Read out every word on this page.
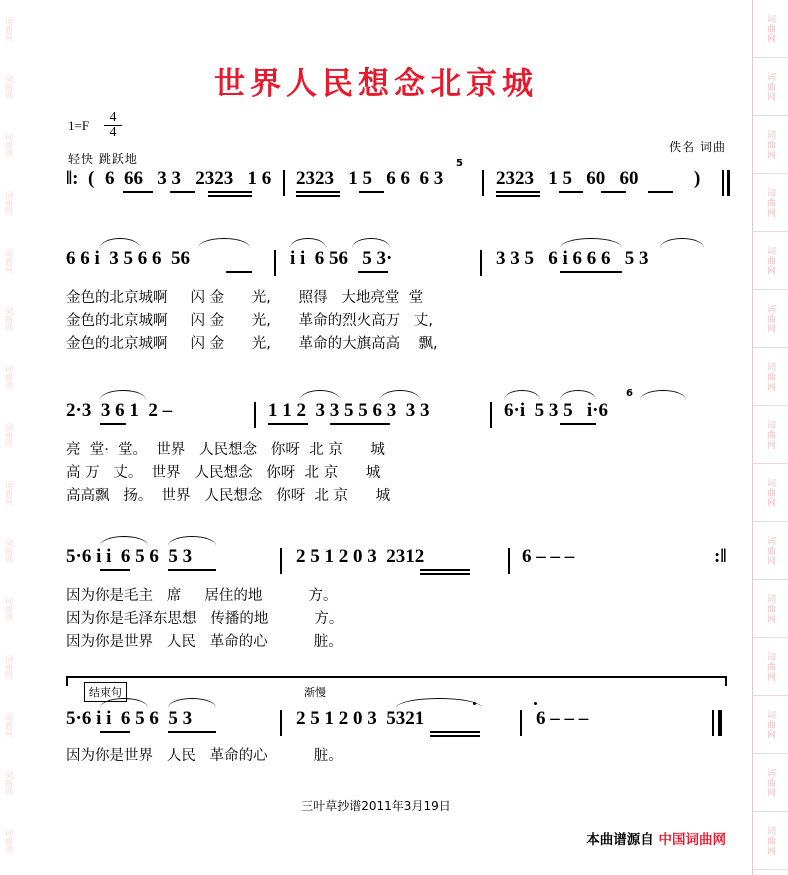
词曲网
词曲网
词曲网
词曲网
词曲网
词曲网
词曲网
词曲网
词曲网
词曲网
词曲网
词曲网
词曲网
词曲网
词曲网
词曲网
词曲网
词曲网
词曲网
词曲网
词曲网
词曲网
词曲网
词曲网
词曲网
词曲网
词曲网
词曲网
词曲网
词曲网
世界人民想念北京城
$1=F \frac{4}{4}$
轻快 跳跃地
佚名 词曲
‖: ( 6  66   3 3   2323   1 6 2323   1 5   6 6  6 3	2323   1 5   60   60	)
5
6 6 i  3 5 6 6  56	i i  6 56   5 3·	3 3 5   6 i 6 6 6   5 3
金色的北京城啊     闪 金      光,      照得   大地亮堂  堂
金色的北京城啊     闪 金      光,      革命的烈火高万   丈,
金色的北京城啊     闪 金      光,      革命的大旗高高    飘,
2·3  3 6 1  2 –	1 1 2  3 3 5 5 6 3  3 3	6·i  5 3 5   i·6
6
亮  堂·  堂。  世界   人民想念   你呀  北 京      城
高 万   丈。  世界   人民想念   你呀  北 京      城
高高飘   扬。  世界   人民想念   你呀  北 京      城
5·6 i i  6 5 6  5 3	2 5 1 2 0 3  2312	6 – – –	:‖
因为你是毛主   席     居住的地          方。
因为你是毛泽东思想   传播的地          方。
因为你是世界   人民   革命的心          脏。
结束句	渐慢
5·6 i i  6 5 6  5 3	2 5 1 2 0 3  5321	6 – – –
因为你是世界   人民   革命的心          脏。
三叶草抄谱2011年3月19日
本曲谱源自 中国词曲网
